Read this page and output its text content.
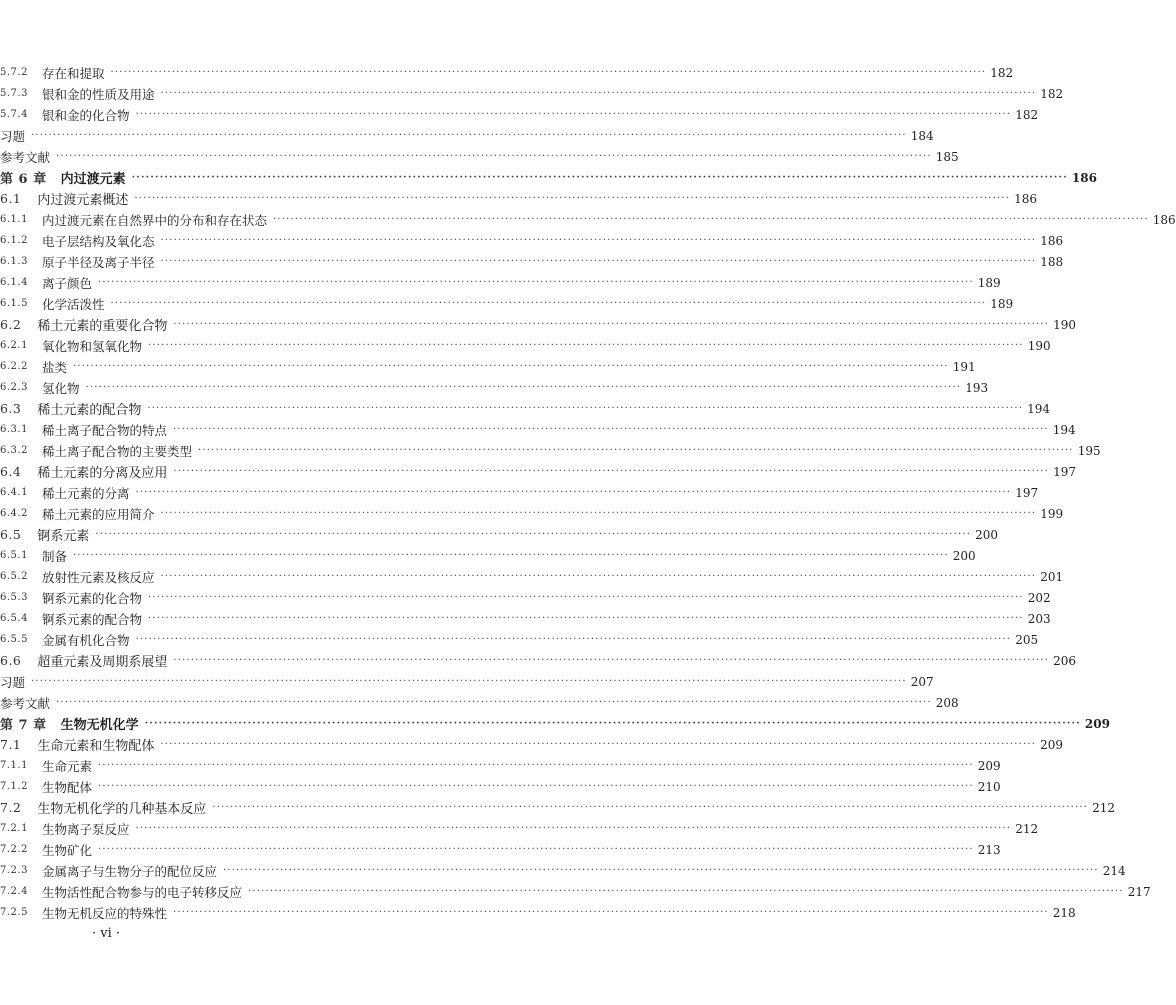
5.7.2 存在和提取 ········································································································································································································ 182
5.7.3 银和金的性质及用途 ········································································································································································································ 182
5.7.4 银和金的化合物 ········································································································································································································ 182
习题 ········································································································································································································ 184
参考文献 ········································································································································································································ 185
第 6 章 内过渡元素 ········································································································································································································ 186
6.1 内过渡元素概述 ········································································································································································································ 186
6.1.1 内过渡元素在自然界中的分布和存在状态 ········································································································································································································ 186
6.1.2 电子层结构及氧化态 ········································································································································································································ 186
6.1.3 原子半径及离子半径 ········································································································································································································ 188
6.1.4 离子颜色 ········································································································································································································ 189
6.1.5 化学活泼性 ········································································································································································································ 189
6.2 稀土元素的重要化合物 ········································································································································································································ 190
6.2.1 氧化物和氢氧化物 ········································································································································································································ 190
6.2.2 盐类 ········································································································································································································ 191
6.2.3 氢化物 ········································································································································································································ 193
6.3 稀土元素的配合物 ········································································································································································································ 194
6.3.1 稀土离子配合物的特点 ········································································································································································································ 194
6.3.2 稀土离子配合物的主要类型 ········································································································································································································ 195
6.4 稀土元素的分离及应用 ········································································································································································································ 197
6.4.1 稀土元素的分离 ········································································································································································································ 197
6.4.2 稀土元素的应用简介 ········································································································································································································ 199
6.5 锕系元素 ········································································································································································································ 200
6.5.1 制备 ········································································································································································································ 200
6.5.2 放射性元素及核反应 ········································································································································································································ 201
6.5.3 锕系元素的化合物 ········································································································································································································ 202
6.5.4 锕系元素的配合物 ········································································································································································································ 203
6.5.5 金属有机化合物 ········································································································································································································ 205
6.6 超重元素及周期系展望 ········································································································································································································ 206
习题 ········································································································································································································ 207
参考文献 ········································································································································································································ 208
第 7 章 生物无机化学 ········································································································································································································ 209
7.1 生命元素和生物配体 ········································································································································································································ 209
7.1.1 生命元素 ········································································································································································································ 209
7.1.2 生物配体 ········································································································································································································ 210
7.2 生物无机化学的几种基本反应 ········································································································································································································ 212
7.2.1 生物离子泵反应 ········································································································································································································ 212
7.2.2 生物矿化 ········································································································································································································ 213
7.2.3 金属离子与生物分子的配位反应 ········································································································································································································ 214
7.2.4 生物活性配合物参与的电子转移反应 ········································································································································································································ 217
7.2.5 生物无机反应的特殊性 ········································································································································································································ 218
· vi ·
